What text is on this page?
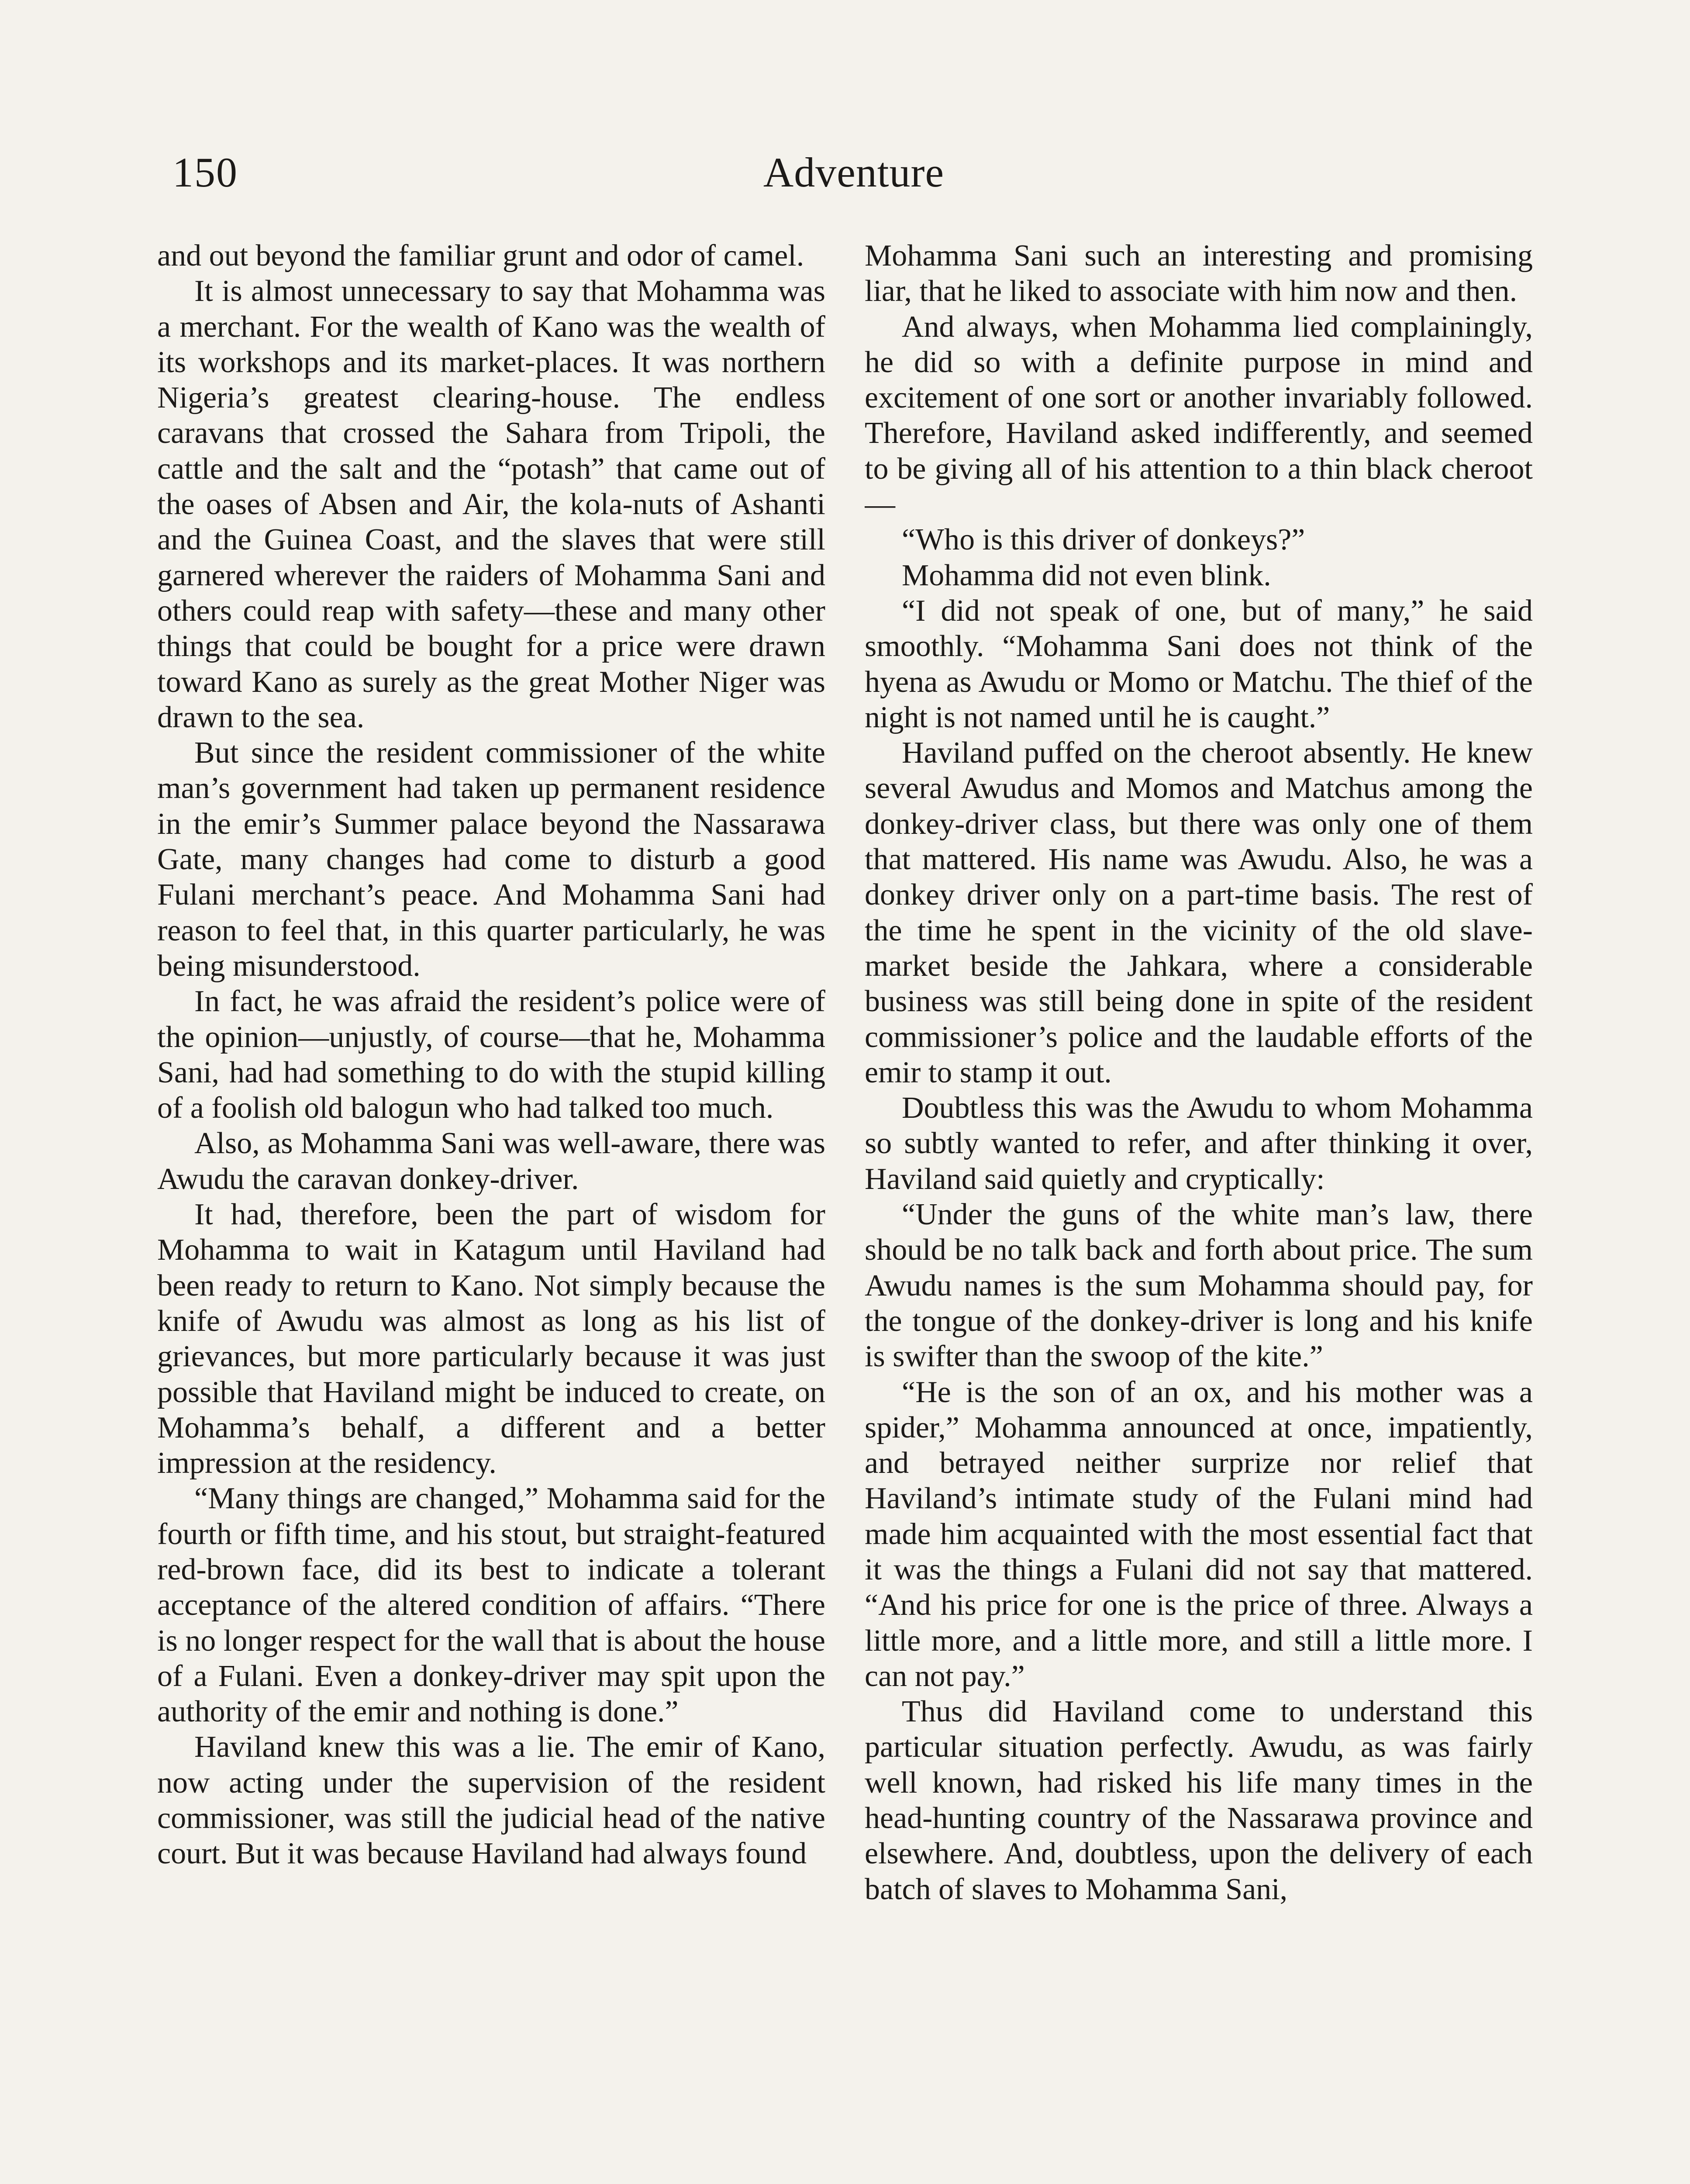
150	Adventure

and out beyond the familiar grunt and odor of camel.

It is almost unnecessary to say that Mohamma was a merchant. For the wealth of Kano was the wealth of its workshops and its market-places. It was northern Nigeria’s greatest clearing-house. The endless caravans that crossed the Sahara from Tripoli, the cattle and the salt and the “potash” that came out of the oases of Absen and Air, the kola-nuts of Ashanti and the Guinea Coast, and the slaves that were still garnered wherever the raiders of Mohamma Sani and others could reap with safety—these and many other things that could be bought for a price were drawn toward Kano as surely as the great Mother Niger was drawn to the sea.

But since the resident commissioner of the white man’s government had taken up permanent residence in the emir’s Summer palace beyond the Nassarawa Gate, many changes had come to disturb a good Fulani merchant’s peace. And Mohamma Sani had reason to feel that, in this quarter particularly, he was being misunderstood.

In fact, he was afraid the resident’s police were of the opinion—unjustly, of course—that he, Mohamma Sani, had had something to do with the stupid killing of a foolish old balogun who had talked too much.

Also, as Mohamma Sani was well-aware, there was Awudu the caravan donkey-driver.

It had, therefore, been the part of wisdom for Mohamma to wait in Katagum until Haviland had been ready to return to Kano. Not simply because the knife of Awudu was almost as long as his list of grievances, but more particularly because it was just possible that Haviland might be induced to create, on Mohamma’s behalf, a different and a better impression at the residency.

“Many things are changed,” Mohamma said for the fourth or fifth time, and his stout, but straight-featured red-brown face, did its best to indicate a tolerant acceptance of the altered condition of affairs. “There is no longer respect for the wall that is about the house of a Fulani. Even a donkey-driver may spit upon the authority of the emir and nothing is done.”

Haviland knew this was a lie. The emir of Kano, now acting under the supervision of the resident commissioner, was still the judicial head of the native court. But it was because Haviland had always found

Mohamma Sani such an interesting and promising liar, that he liked to associate with him now and then.

And always, when Mohamma lied complainingly, he did so with a definite purpose in mind and excitement of one sort or another invariably followed. Therefore, Haviland asked indifferently, and seemed to be giving all of his attention to a thin black cheroot—

“Who is this driver of donkeys?”

Mohamma did not even blink.

“I did not speak of one, but of many,” he said smoothly. “Mohamma Sani does not think of the hyena as Awudu or Momo or Matchu. The thief of the night is not named until he is caught.”

Haviland puffed on the cheroot absently. He knew several Awudus and Momos and Matchus among the donkey-driver class, but there was only one of them that mattered. His name was Awudu. Also, he was a donkey driver only on a part-time basis. The rest of the time he spent in the vicinity of the old slave-market beside the Jahkara, where a considerable business was still being done in spite of the resident commissioner’s police and the laudable efforts of the emir to stamp it out.

Doubtless this was the Awudu to whom Mohamma so subtly wanted to refer, and after thinking it over, Haviland said quietly and cryptically:

“Under the guns of the white man’s law, there should be no talk back and forth about price. The sum Awudu names is the sum Mohamma should pay, for the tongue of the donkey-driver is long and his knife is swifter than the swoop of the kite.”

“He is the son of an ox, and his mother was a spider,” Mohamma announced at once, impatiently, and betrayed neither surprize nor relief that Haviland’s intimate study of the Fulani mind had made him acquainted with the most essential fact that it was the things a Fulani did not say that mattered. “And his price for one is the price of three. Always a little more, and a little more, and still a little more. I can not pay.”

Thus did Haviland come to understand this particular situation perfectly. Awudu, as was fairly well known, had risked his life many times in the head-hunting country of the Nassarawa province and elsewhere. And, doubtless, upon the delivery of each batch of slaves to Mohamma Sani,
